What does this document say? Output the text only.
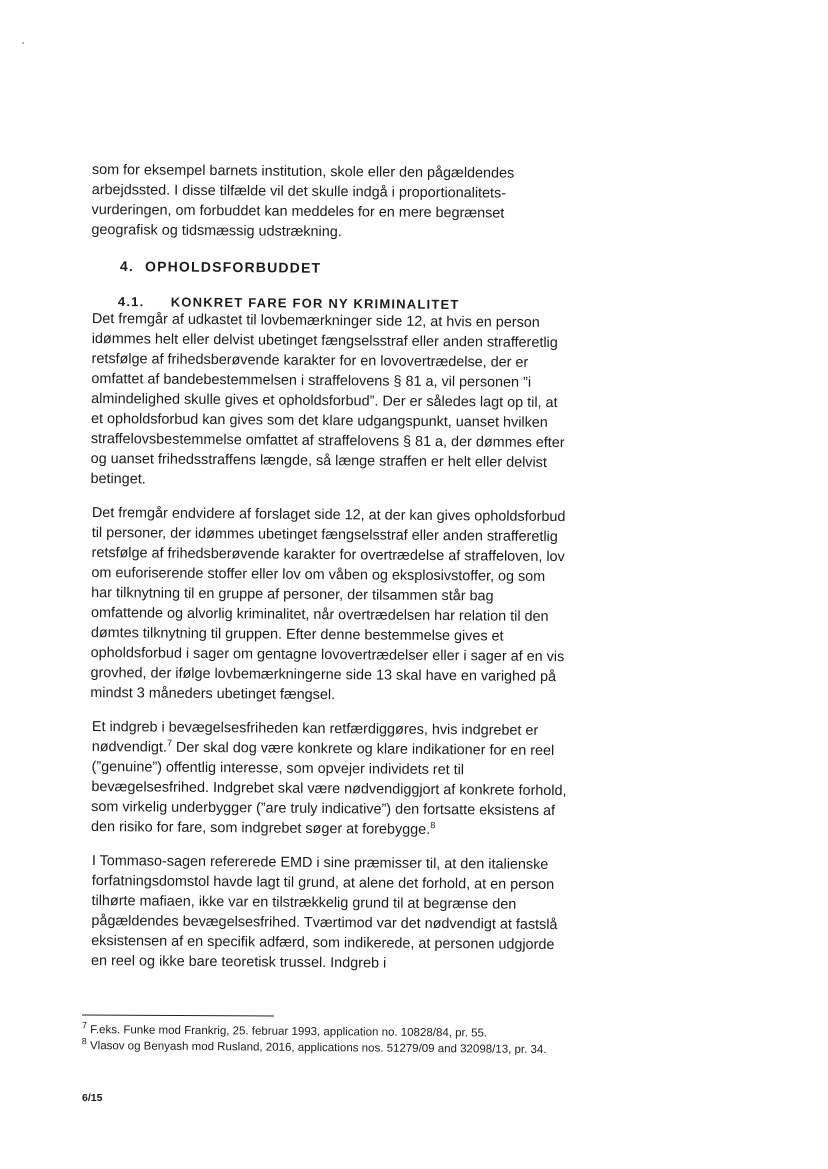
som for eksempel barnets institution, skole eller den pågældendes arbejdssted. I disse tilfælde vil det skulle indgå i proportionalitets-vurderingen, om forbuddet kan meddeles for en mere begrænset geografisk og tidsmæssig udstrækning.

4. OPHOLDSFORBUDDET

4.1. KONKRET FARE FOR NY KRIMINALITET

Det fremgår af udkastet til lovbemærkninger side 12, at hvis en person idømmes helt eller delvist ubetinget fængselsstraf eller anden strafferetlig retsfølge af frihedsberøvende karakter for en lovovertrædelse, der er omfattet af bandebestemmelsen i straffelovens § 81 a, vil personen ”i almindelighed skulle gives et opholdsforbud”. Der er således lagt op til, at et opholdsforbud kan gives som det klare udgangspunkt, uanset hvilken straffelovsbestemmelse omfattet af straffelovens § 81 a, der dømmes efter og uanset frihedsstraffens længde, så længe straffen er helt eller delvist betinget.

Det fremgår endvidere af forslaget side 12, at der kan gives opholdsforbud til personer, der idømmes ubetinget fængselsstraf eller anden strafferetlig retsfølge af frihedsberøvende karakter for overtrædelse af straffeloven, lov om euforiserende stoffer eller lov om våben og eksplosivstoffer, og som har tilknytning til en gruppe af personer, der tilsammen står bag omfattende og alvorlig kriminalitet, når overtrædelsen har relation til den dømtes tilknytning til gruppen. Efter denne bestemmelse gives et opholdsforbud i sager om gentagne lovovertrædelser eller i sager af en vis grovhed, der ifølge lovbemærkningerne side 13 skal have en varighed på mindst 3 måneders ubetinget fængsel.

Et indgreb i bevægelsesfriheden kan retfærdiggøres, hvis indgrebet er nødvendigt.$^7$ Der skal dog være konkrete og klare indikationer for en reel (”genuine”) offentlig interesse, som opvejer individets ret til bevægelsesfrihed. Indgrebet skal være nødvendiggjort af konkrete forhold, som virkelig underbygger (”are truly indicative”) den fortsatte eksistens af den risiko for fare, som indgrebet søger at forebygge.$^8$

I Tommaso-sagen refererede EMD i sine præmisser til, at den italienske forfatningsdomstol havde lagt til grund, at alene det forhold, at en person tilhørte mafiaen, ikke var en tilstrækkelig grund til at begrænse den pågældendes bevægelsesfrihed. Tværtimod var det nødvendigt at fastslå eksistensen af en specifik adfærd, som indikerede, at personen udgjorde en reel og ikke bare teoretisk trussel. Indgreb i

$^7$ F.eks. Funke mod Frankrig, 25. februar 1993, application no. 10828/84, pr. 55.

$^8$ Vlasov og Benyash mod Rusland, 2016, applications nos. 51279/09 and 32098/13, pr. 34.

6/15
